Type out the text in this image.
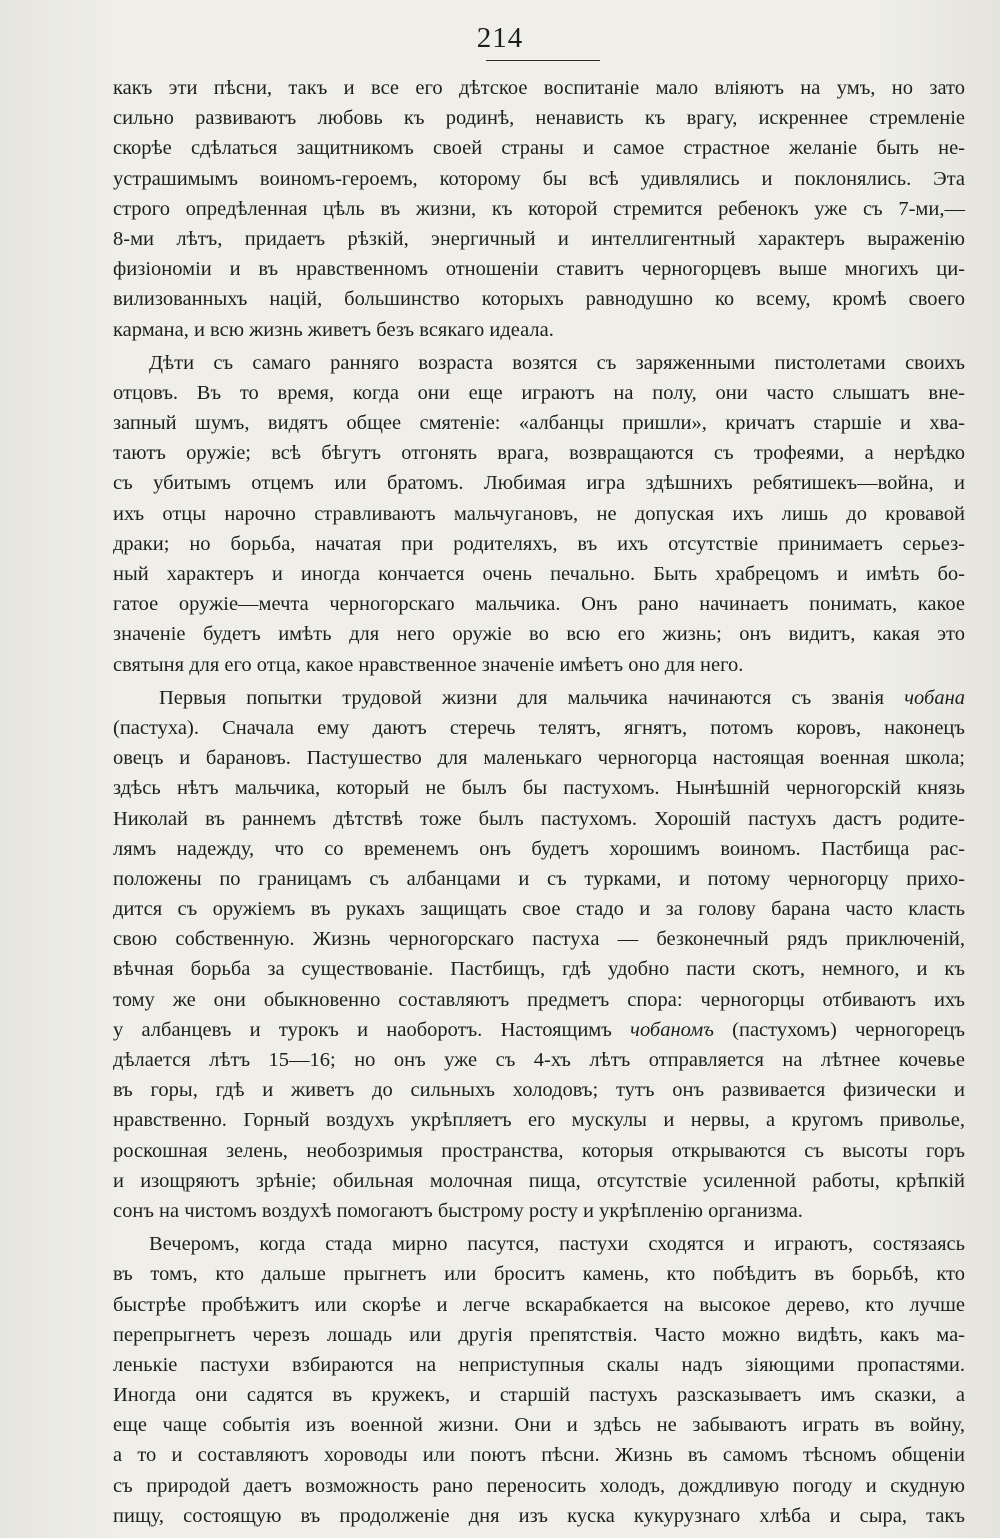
214
какъ эти пѣсни, такъ и все его дѣтское воспитаніе мало вліяютъ на умъ, но зато
сильно развиваютъ любовь къ родинѣ, ненависть къ врагу, искреннее стремленіе
скорѣе сдѣлаться защитникомъ своей страны и самое страстное желаніе быть не-
устрашимымъ воиномъ-героемъ, которому бы всѣ удивлялись и поклонялись. Эта
строго опредѣленная цѣль въ жизни, къ которой стремится ребенокъ уже съ 7-ми,—
8-ми лѣтъ, придаетъ рѣзкій, энергичный и интеллигентный характеръ выраженію
физіономіи и въ нравственномъ отношеніи ставитъ черногорцевъ выше многихъ ци-
вилизованныхъ націй, большинство которыхъ равнодушно ко всему, кромѣ своего
кармана, и всю жизнь живетъ безъ всякаго идеала.
Дѣти съ самаго ранняго возраста возятся съ заряженными пистолетами своихъ
отцовъ. Въ то время, когда они еще играютъ на полу, они часто слышатъ вне-
запный шумъ, видятъ общее смятеніе: «албанцы пришли», кричатъ старшіе и хва-
таютъ оружіе; всѣ бѣгутъ отгонять врага, возвращаются съ трофеями, а нерѣдко
съ убитымъ отцемъ или братомъ. Любимая игра здѣшнихъ ребятишекъ—война, и
ихъ отцы нарочно стравливаютъ мальчугановъ, не допуская ихъ лишь до кровавой
драки; но борьба, начатая при родителяхъ, въ ихъ отсутствіе принимаетъ серьез-
ный характеръ и иногда кончается очень печально. Быть храбрецомъ и имѣть бо-
гатое оружіе—мечта черногорскаго мальчика. Онъ рано начинаетъ понимать, какое
значеніе будетъ имѣть для него оружіе во всю его жизнь; онъ видитъ, какая это
святыня для его отца, какое нравственное значеніе имѣетъ оно для него.
Первыя попытки трудовой жизни для мальчика начинаются съ званія чобана
(пастуха). Сначала ему даютъ стеречь телятъ, ягнятъ, потомъ коровъ, наконецъ
овецъ и барановъ. Пастушество для маленькаго черногорца настоящая военная школа;
здѣсь нѣтъ мальчика, который не былъ бы пастухомъ. Нынѣшній черногорскій князь
Николай въ раннемъ дѣтствѣ тоже былъ пастухомъ. Хорошій пастухъ дастъ родите-
лямъ надежду, что со временемъ онъ будетъ хорошимъ воиномъ. Пастбища рас-
положены по границамъ съ албанцами и съ турками, и потому черногорцу прихо-
дится съ оружіемъ въ рукахъ защищать свое стадо и за голову барана часто класть
свою собственную. Жизнь черногорскаго пастуха — безконечный рядъ приключеній,
вѣчная борьба за существованіе. Пастбищъ, гдѣ удобно пасти скотъ, немного, и къ
тому же они обыкновенно составляютъ предметъ спора: черногорцы отбиваютъ ихъ
у албанцевъ и турокъ и наоборотъ. Настоящимъ чобаномъ (пастухомъ) черногорецъ
дѣлается лѣтъ 15—16; но онъ уже съ 4-хъ лѣтъ отправляется на лѣтнее кочевье
въ горы, гдѣ и живетъ до сильныхъ холодовъ; тутъ онъ развивается физически и
нравственно. Горный воздухъ укрѣпляетъ его мускулы и нервы, а кругомъ приволье,
роскошная зелень, необозримыя пространства, которыя открываются съ высоты горъ
и изощряютъ зрѣніе; обильная молочная пища, отсутствіе усиленной работы, крѣпкій
сонъ на чистомъ воздухѣ помогаютъ быстрому росту и укрѣпленію организма.
Вечеромъ, когда стада мирно пасутся, пастухи сходятся и играютъ, состязаясь
въ томъ, кто дальше прыгнетъ или броситъ камень, кто побѣдитъ въ борьбѣ, кто
быстрѣе пробѣжитъ или скорѣе и легче вскарабкается на высокое дерево, кто лучше
перепрыгнетъ черезъ лошадь или другія препятствія. Часто можно видѣть, какъ ма-
ленькіе пастухи взбираются на неприступныя скалы надъ зіяющими пропастями.
Иногда они садятся въ кружекъ, и старшій пастухъ разсказываетъ имъ сказки, а
еще чаще событія изъ военной жизни. Они и здѣсь не забываютъ играть въ войну,
а то и составляютъ хороводы или поютъ пѣсни. Жизнь въ самомъ тѣсномъ общеніи
съ природой даетъ возможность рано переносить холодъ, дождливую погоду и скудную
пищу, состоящую въ продолженіе дня изъ куска кукурузнаго хлѣба и сыра, такъ
